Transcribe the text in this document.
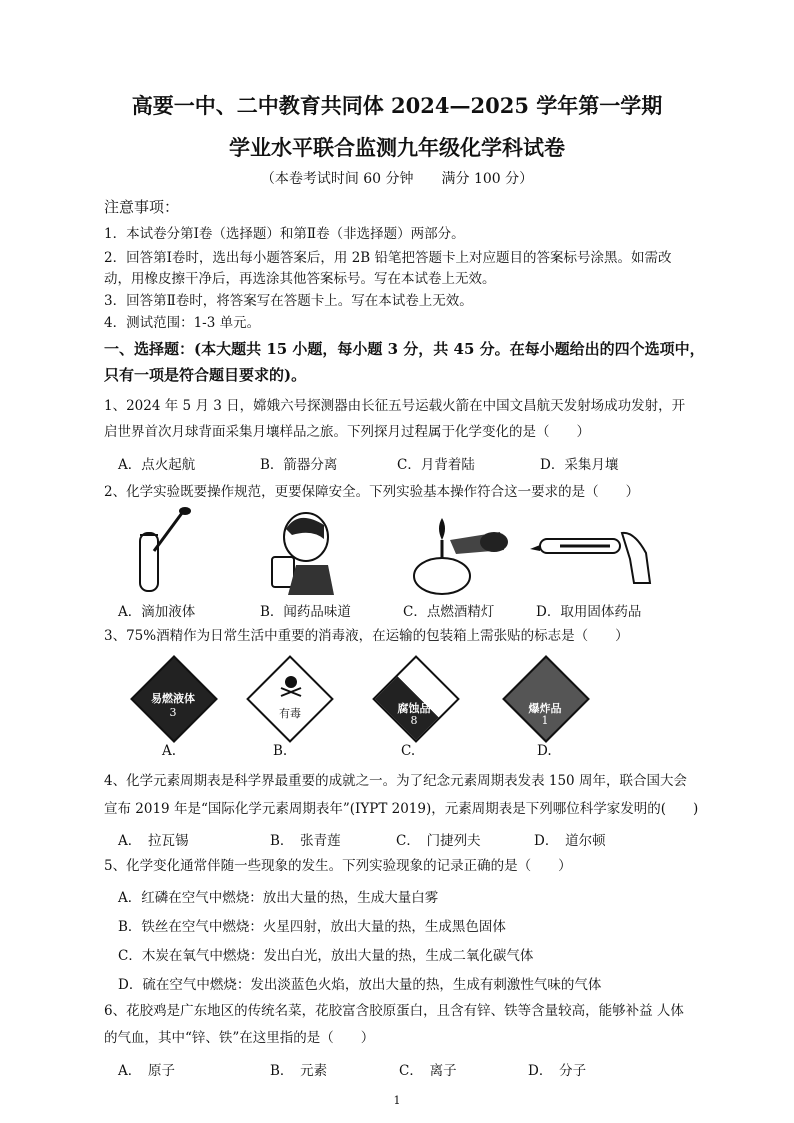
高要一中、二中教育共同体 2024—2025 学年第一学期
学业水平联合监测九年级化学科试卷
（本卷考试时间 60 分钟　　满分 100 分）
注意事项：
1．本试卷分第Ⅰ卷（选择题）和第Ⅱ卷（非选择题）两部分。
2．回答第Ⅰ卷时，选出每小题答案后，用 2B 铅笔把答题卡上对应题目的答案标号涂黑。如需改
动，用橡皮擦干净后，再选涂其他答案标号。写在本试卷上无效。
3．回答第Ⅱ卷时，将答案写在答题卡上。写在本试卷上无效。
4．测试范围：1-3 单元。
一、选择题：(本大题共 15 小题，每小题 3 分，共 45 分。在每小题给出的四个选项中，
只有一项是符合题目要求的)。
1、2024 年 5 月 3 日，嫦娥六号探测器由长征五号运载火箭在中国文昌航天发射场成功发射，开
启世界首次月球背面采集月壤样品之旅。下列探月过程属于化学变化的是（　　）
A．点火起航	B．箭器分离	C．月背着陆	D．采集月壤
2、化学实验既要操作规范，更要保障安全。下列实验基本操作符合这一要求的是（　　）
A．滴加液体	B．闻药品味道	C．点燃酒精灯	D．取用固体药品
3、75%酒精作为日常生活中重要的消毒液，在运输的包装箱上需张贴的标志是（　　）
易燃液体
3	有毒	腐蚀品
8
爆炸品
1
A.	B.	C.	D.
4、化学元素周期表是科学界最重要的成就之一。为了纪念元素周期表发表 150 周年，联合国大会
宣布 2019 年是“国际化学元素周期表年”(IYPT 2019)，元素周期表是下列哪位科学家发明的(　　)
A．　拉瓦锡	B．　张青莲	C．　门捷列夫	D．　道尔顿
5、化学变化通常伴随一些现象的发生。下列实验现象的记录正确的是（　　）
A．红磷在空气中燃烧：放出大量的热，生成大量白雾
B．铁丝在空气中燃烧：火星四射，放出大量的热，生成黑色固体
C．木炭在氧气中燃烧：发出白光，放出大量的热，生成二氧化碳气体
D．硫在空气中燃烧：发出淡蓝色火焰，放出大量的热，生成有刺激性气味的气体
6、花胶鸡是广东地区的传统名菜，花胶富含胶原蛋白，且含有锌、铁等含量较高，能够补益 人体
的气血，其中“锌、铁”在这里指的是（　　）
A．　原子	B．　元素	C．　离子	D．　分子
1
